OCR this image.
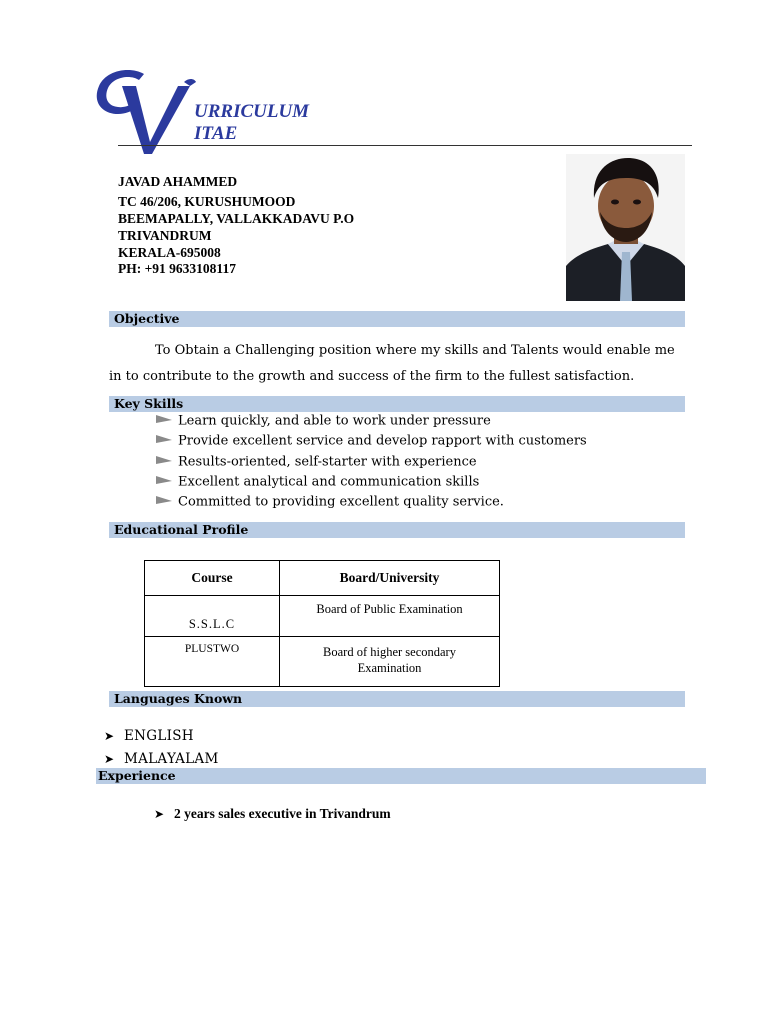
URRICULUM
ITAE
JAVAD AHAMMED
TC 46/206, KURUSHUMOOD
BEEMAPALLY, VALLAKKADAVU P.O
TRIVANDRUM
KERALA-695008
PH: +91 9633108117
Objective
To Obtain a Challenging position where my skills and Talents would enable me
in to contribute to the growth and success of the firm to the fullest satisfaction.
Key Skills
Learn quickly, and able to work under pressure
Provide excellent service and develop rapport with customers
Results-oriented, self-starter with experience
Excellent analytical and communication skills
Committed to providing excellent quality service.
Educational Profile
Course	Board/University
S.S.L.C	Board of Public Examination
PLUSTWO	Board of higher secondary Examination
Languages Known
➤ ENGLISH
➤ MALAYALAM
Experience
➤ 2 years sales executive in Trivandrum
